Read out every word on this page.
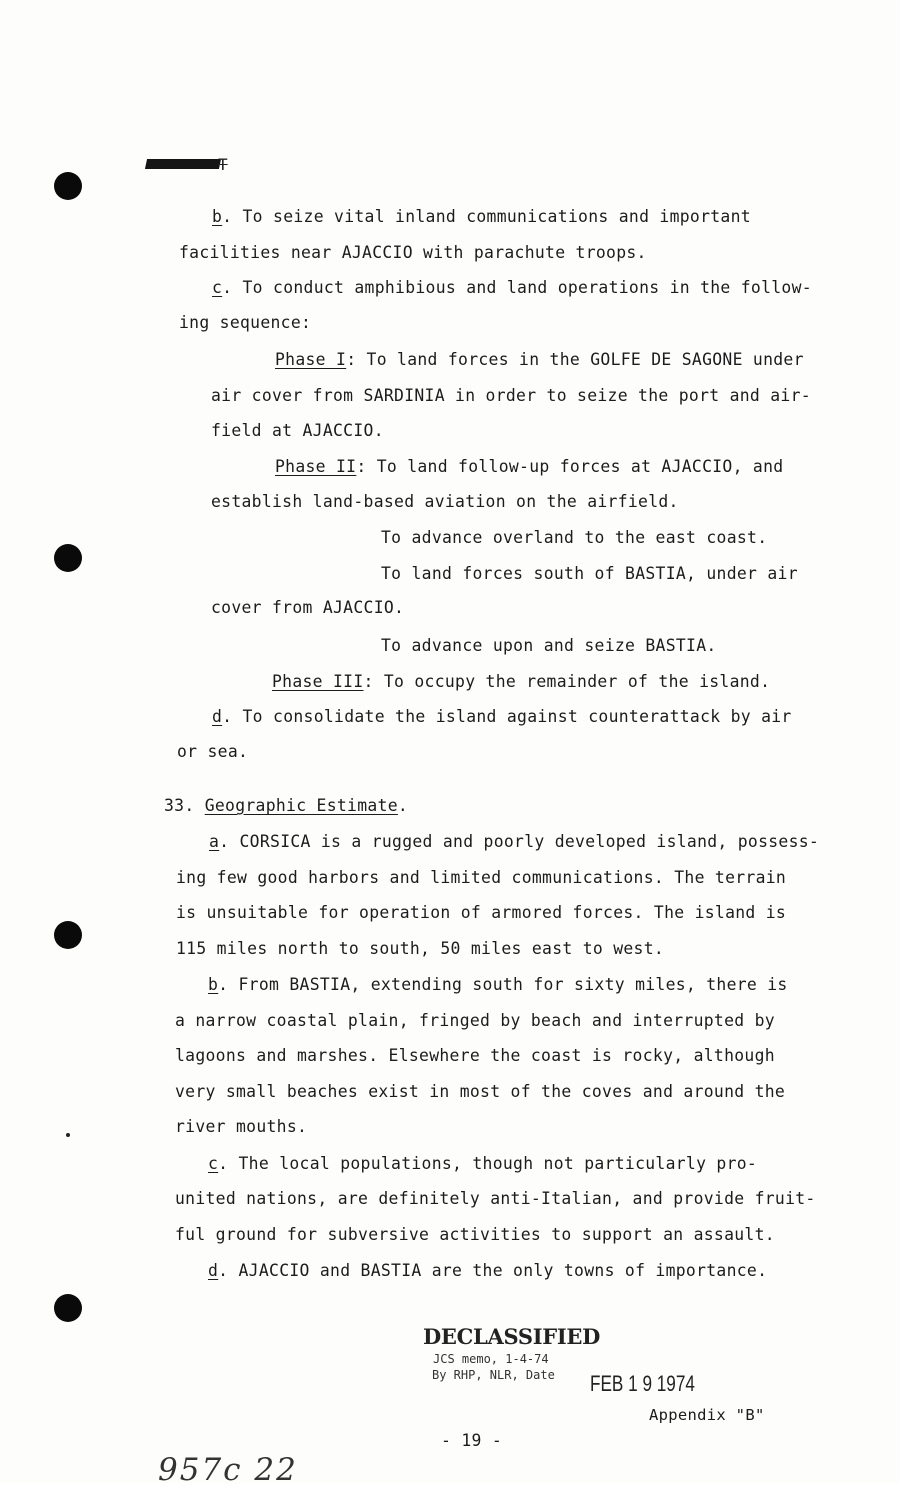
T
b. To seize vital inland communications and important
facilities near AJACCIO with parachute troops.
c. To conduct amphibious and land operations in the follow-
ing sequence:
Phase I: To land forces in the GOLFE DE SAGONE under
air cover from SARDINIA in order to seize the port and air-
field at AJACCIO.
Phase II: To land follow-up forces at AJACCIO, and
establish land-based aviation on the airfield.
To advance overland to the east coast.
To land forces south of BASTIA, under air
cover from AJACCIO.
To advance upon and seize BASTIA.
Phase III: To occupy the remainder of the island.
d. To consolidate the island against counterattack by air
or sea.
33. Geographic Estimate.
a. CORSICA is a rugged and poorly developed island, possess-
ing few good harbors and limited communications. The terrain
is unsuitable for operation of armored forces. The island is
115 miles north to south, 50 miles east to west.
b. From BASTIA, extending south for sixty miles, there is
a narrow coastal plain, fringed by beach and interrupted by
lagoons and marshes. Elsewhere the coast is rocky, although
very small beaches exist in most of the coves and around the
river mouths.
c. The local populations, though not particularly pro-
united nations, are definitely anti-Italian, and provide fruit-
ful ground for subversive activities to support an assault.
d. AJACCIO and BASTIA are the only towns of importance.
DECLASSIFIED
JCS memo, 1-4-74
By RHP, NLR, Date FEB 1 9 1974
Appendix "B"
- 19 -
957c 22
